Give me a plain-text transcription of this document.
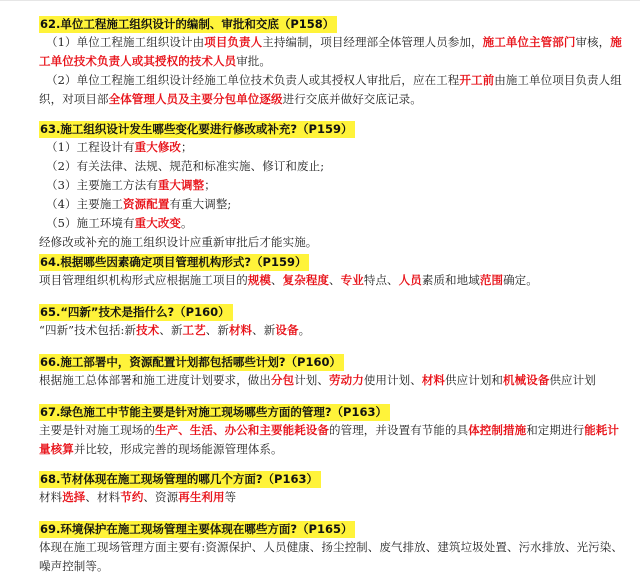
62.单位工程施工组织设计的编制、审批和交底（P158）
（1）单位工程施工组织设计由项目负责人主持编制，项目经理部全体管理人员参加，施工单位主管部门审核，施
工单位技术负责人或其授权的技术人员审批。
（2）单位工程施工组织设计经施工单位技术负责人或其授权人审批后，应在工程开工前由施工单位项目负责人组
织，对项目部全体管理人员及主要分包单位逐级进行交底并做好交底记录。
63.施工组织设计发生哪些变化要进行修改或补充?（P159）
（1）工程设计有重大修改；
（2）有关法律、法规、规范和标准实施、修订和废止;
（3）主要施工方法有重大调整；
（4）主要施工资源配置有重大调整;
（5）施工环境有重大改变。
经修改或补充的施工组织设计应重新审批后才能实施。
64.根据哪些因素确定项目管理机构形式?（P159）
项目管理组织机构形式应根据施工项目的规模、复杂程度、专业特点、人员素质和地域范围确定。
65.“四新”技术是指什么?（P160）
“四新”技术包括:新技术、新工艺、新材料、新设备。
66.施工部署中，资源配置计划都包括哪些计划?（P160）
根据施工总体部署和施工进度计划要求，做出分包计划、劳动力使用计划、材料供应计划和机械设备供应计划
67.绿色施工中节能主要是针对施工现场哪些方面的管理?（P163）
主要是针对施工现场的生产、生活、办公和主要能耗设备的管理，并设置有节能的具体控制措施和定期进行能耗计
量核算并比较，形成完善的现场能源管理体系。
68.节材体现在施工现场管理的哪几个方面?（P163）
材料选择、材料节约、资源再生利用等
69.环境保护在施工现场管理主要体现在哪些方面?（P165）
体现在施工现场管理方面主要有:资源保护、人员健康、扬尘控制、废气排放、建筑垃圾处置、污水排放、光污染、
噪声控制等。
